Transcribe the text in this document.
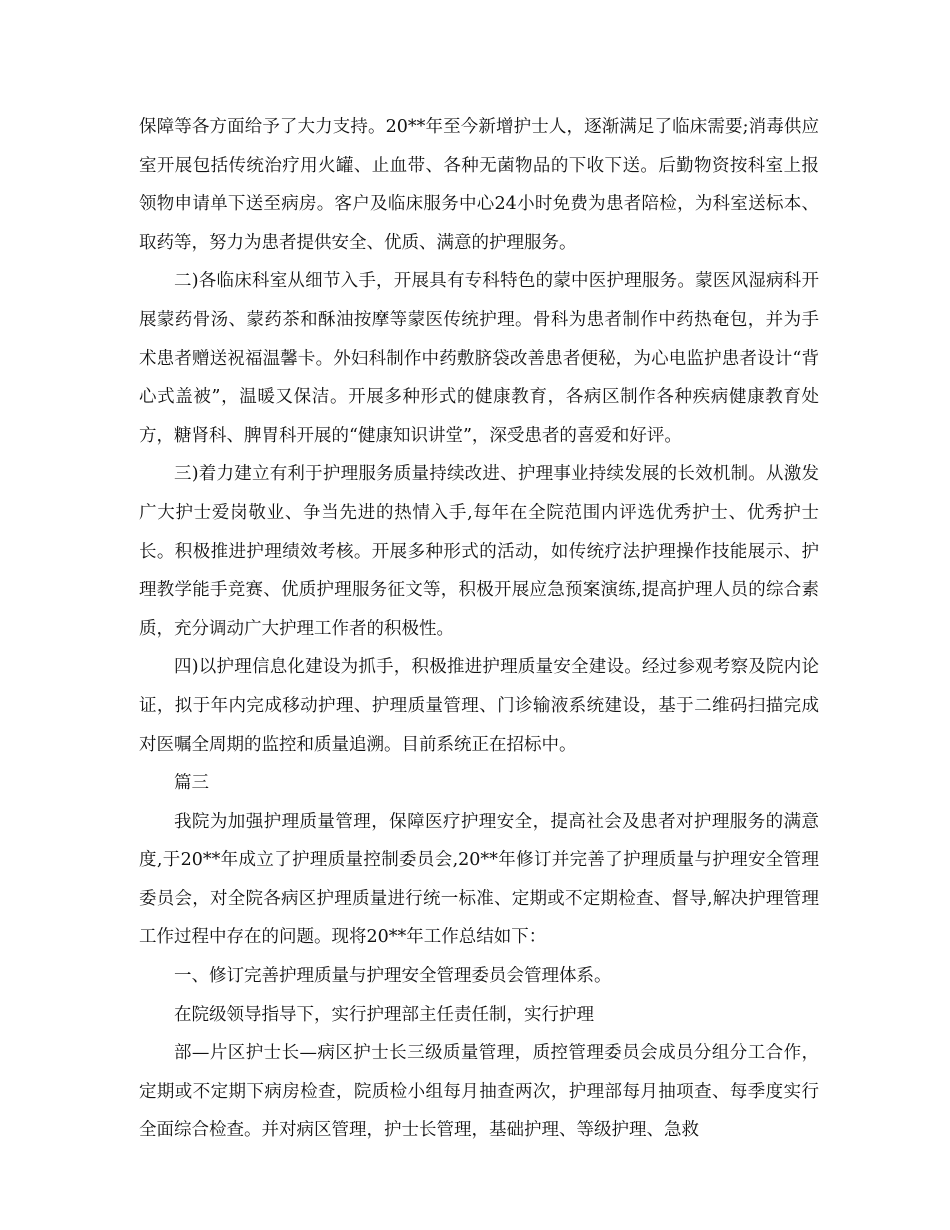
保障等各方面给予了大力支持。20**年至今新增护士人，逐渐满足了临床需要;消毒供应室开展包括传统治疗用火罐、止血带、各种无菌物品的下收下送。后勤物资按科室上报领物申请单下送至病房。客户及临床服务中心24小时免费为患者陪检，为科室送标本、取药等，努力为患者提供安全、优质、满意的护理服务。

二)各临床科室从细节入手，开展具有专科特色的蒙中医护理服务。蒙医风湿病科开展蒙药骨汤、蒙药茶和酥油按摩等蒙医传统护理。骨科为患者制作中药热奄包，并为手术患者赠送祝福温馨卡。外妇科制作中药敷脐袋改善患者便秘，为心电监护患者设计“背心式盖被”，温暖又保洁。开展多种形式的健康教育，各病区制作各种疾病健康教育处方，糖肾科、脾胃科开展的“健康知识讲堂”，深受患者的喜爱和好评。

三)着力建立有利于护理服务质量持续改进、护理事业持续发展的长效机制。从激发广大护士爱岗敬业、争当先进的热情入手,每年在全院范围内评选优秀护士、优秀护士长。积极推进护理绩效考核。开展多种形式的活动，如传统疗法护理操作技能展示、护理教学能手竞赛、优质护理服务征文等，积极开展应急预案演练,提高护理人员的综合素质，充分调动广大护理工作者的积极性。

四)以护理信息化建设为抓手，积极推进护理质量安全建设。经过参观考察及院内论证，拟于年内完成移动护理、护理质量管理、门诊输液系统建设，基于二维码扫描完成对医嘱全周期的监控和质量追溯。目前系统正在招标中。

篇三

我院为加强护理质量管理，保障医疗护理安全，提高社会及患者对护理服务的满意度,于20**年成立了护理质量控制委员会,20**年修订并完善了护理质量与护理安全管理委员会，对全院各病区护理质量进行统一标准、定期或不定期检查、督导,解决护理管理工作过程中存在的问题。现将20**年工作总结如下：

一、修订完善护理质量与护理安全管理委员会管理体系。

在院级领导指导下，实行护理部主任责任制，实行护理

部—片区护士长—病区护士长三级质量管理，质控管理委员会成员分组分工合作，定期或不定期下病房检查，院质检小组每月抽查两次，护理部每月抽项查、每季度实行全面综合检查。并对病区管理，护士长管理，基础护理、等级护理、急救
